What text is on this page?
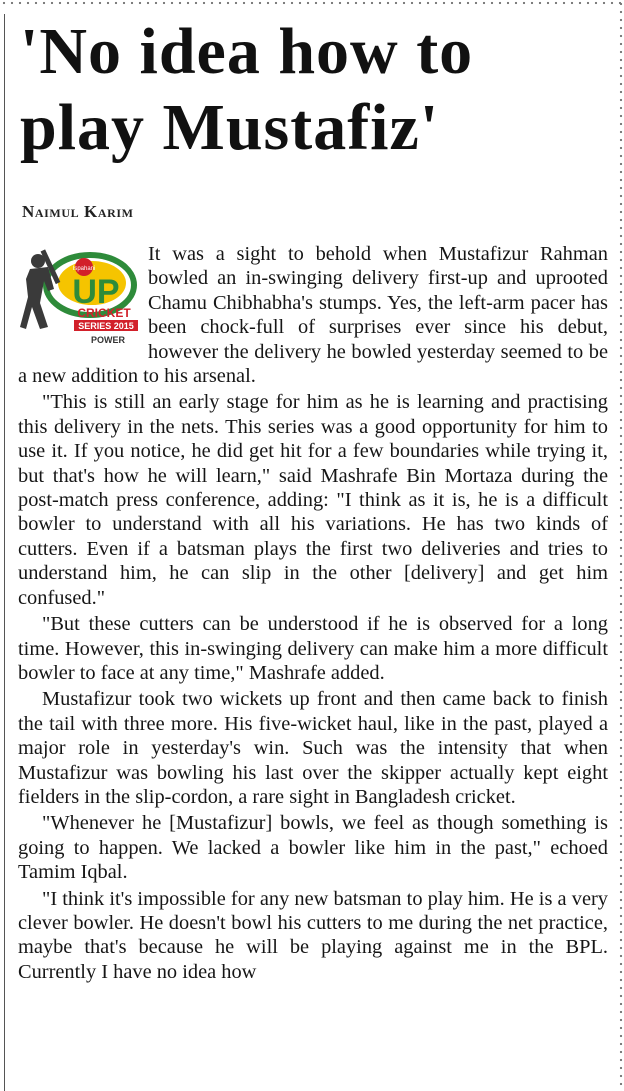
'No idea how to play Mustafiz'
Naimul Karim
Ispahani
UP
CRICKET
SERIES 2015
POWER

It was a sight to behold when Mustafizur Rahman bowled an in-swinging delivery first-up and uprooted Chamu Chibhabha's stumps. Yes, the left-arm pacer has been chock-full of surprises ever since his debut, however the delivery he bowled yesterday seemed to be a new addition to his arsenal.

"This is still an early stage for him as he is learning and practising this delivery in the nets. This series was a good opportunity for him to use it. If you notice, he did get hit for a few boundaries while trying it, but that's how he will learn," said Mashrafe Bin Mortaza during the post-match press conference, adding: "I think as it is, he is a difficult bowler to understand with all his variations. He has two kinds of cutters. Even if a batsman plays the first two deliveries and tries to understand him, he can slip in the other [delivery] and get him confused."

"But these cutters can be understood if he is observed for a long time. However, this in-swinging delivery can make him a more difficult bowler to face at any time," Mashrafe added.

Mustafizur took two wickets up front and then came back to finish the tail with three more. His five-wicket haul, like in the past, played a major role in yesterday's win. Such was the intensity that when Mustafizur was bowling his last over the skipper actually kept eight fielders in the slip-cordon, a rare sight in Bangladesh cricket.

"Whenever he [Mustafizur] bowls, we feel as though something is going to happen. We lacked a bowler like him in the past," echoed Tamim Iqbal.

"I think it's impossible for any new batsman to play him. He is a very clever bowler. He doesn't bowl his cutters to me during the net practice, maybe that's because he will be playing against me in the BPL. Currently I have no idea how
